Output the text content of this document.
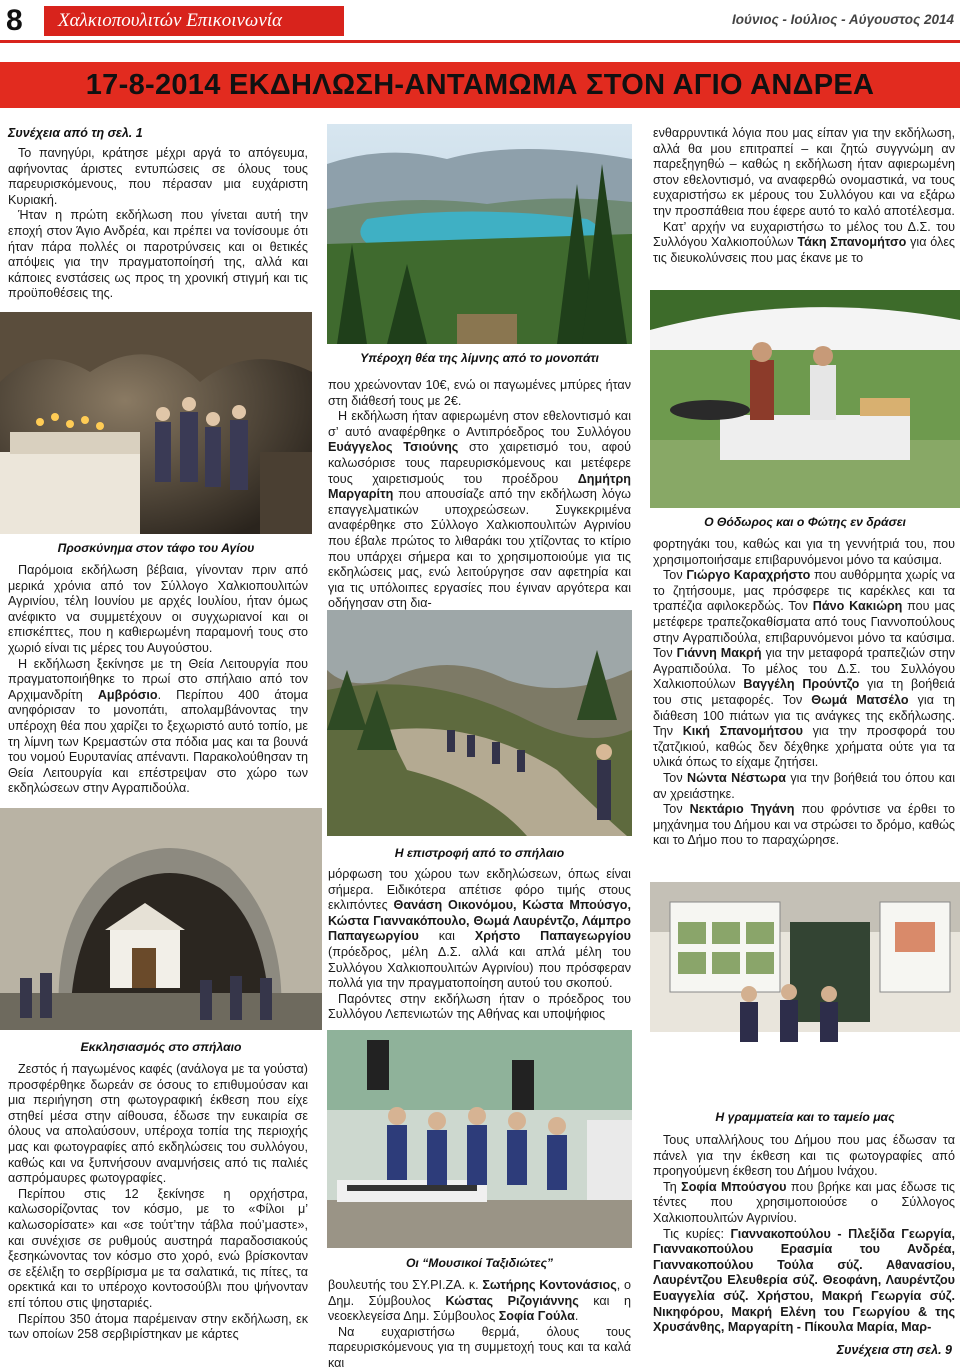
8	Χαλκιοπουλιτών Επικοινωνία	Ιούνιος - Ιούλιος - Αύγουστος 2014
17-8-2014 ΕΚΔΗΛΩΣΗ-ΑΝΤΑΜΩΜΑ ΣΤΟΝ ΑΓΙΟ ΑΝΔΡΕΑ
Συνέχεια από τη σελ. 1

Το πανηγύρι, κράτησε μέχρι αργά το απόγευμα, αφήνοντας άριστες εντυπώσεις σε όλους τους παρευρισκόμενους, που πέρασαν μια ευχάριστη Κυριακή.

Ήταν η πρώτη εκδήλωση που γίνεται αυτή την εποχή στον Άγιο Ανδρέα, και πρέπει να τονίσουμε ότι ήταν πάρα πολλές οι παροτρύνσεις και οι θετικές απόψεις για την πραγματοποίησή της, αλλά και κάποιες ενστάσεις ως προς τη χρονική στιγμή και τις προϋποθέσεις της.

Προσκύνημα στον τάφο του Αγίου

Παρόμοια εκδήλωση βέβαια, γίνονταν πριν από μερικά χρόνια από τον Σύλλογο Χαλκιοπουλιτών Αγρινίου, τέλη Ιουνίου με αρχές Ιουλίου, ήταν όμως ανέφικτο να συμμετέχουν οι συγχωριανοί και οι επισκέπτες, που η καθιερωμένη παραμονή τους στο χωριό είναι τις μέρες του Αυγούστου.

Η εκδήλωση ξεκίνησε με τη Θεία Λειτουργία που πραγματοποιήθηκε το πρωί στο σπήλαιο από τον Αρχιμανδρίτη Αμβρόσιο. Περίπου 400 άτομα ανηφόρισαν το μονοπάτι, απολαμβάνοντας την υπέροχη θέα που χαρίζει το ξεχωριστό αυτό τοπίο, με τη λίμνη των Κρεμαστών στα πόδια μας και τα βουνά του νομού Ευρυτανίας απέναντι. Παρακολούθησαν τη Θεία Λειτουργία και επέστρεψαν στο χώρο των εκδηλώσεων στην Αγραπιδούλα.

Εκκλησιασμός στο σπήλαιο

Ζεστός ή παγωμένος καφές (ανάλογα με τα γούστα) προσφέρθηκε δωρεάν σε όσους το επιθυμούσαν και μια περιήγηση στη φωτογραφική έκθεση που είχε στηθεί μέσα στην αίθουσα, έδωσε την ευκαιρία σε όλους να απολαύσουν, υπέροχα τοπία της περιοχής μας και φωτογραφίες από εκδηλώσεις του συλλόγου, καθώς και να ξυπνήσουν αναμνήσεις από τις παλιές ασπρόμαυρες φωτογραφίες.

Περίπου στις 12 ξεκίνησε η ορχήστρα, καλωσορίζοντας τον κόσμο, με το «Φίλοι μ’ καλωσορίσατε» και «σε τούτ’την τάβλα πού’μαστε», και συνέχισε σε ρυθμούς αυστηρά παραδοσιακούς ξεσηκώνοντας τον κόσμο στο χορό, ενώ βρίσκονταν σε εξέλιξη το σερβίρισμα με τα σαλατικά, τις πίτες, τα ορεκτικά και το υπέροχο κοντοσούβλι που ψήνονταν επί τόπου στις ψησταριές.

Περίπου 350 άτομα παρέμειναν στην εκδήλωση, εκ των οποίων 258 σερβιρίστηκαν με κάρτες

Υπέροχη θέα της λίμνης από το μονοπάτι

που χρεώνονταν 10€, ενώ οι παγωμένες μπύρες ήταν στη διάθεσή τους με 2€.

Η εκδήλωση ήταν αφιερωμένη στον εθελοντισμό και σ’ αυτό αναφέρθηκε ο Αντιπρόεδρος του Συλλόγου Ευάγγελος Τσιούνης στο χαιρετισμό του, αφού καλωσόρισε τους παρευρισκόμενους και μετέφερε τους χαιρετισμούς του προέδρου Δημήτρη Μαργαρίτη που απουσίαζε από την εκδήλωση λόγω επαγγελματικών υποχρεώσεων. Συγκεκριμένα αναφέρθηκε στο Σύλλογο Χαλκιοπουλιτών Αγρινίου που έβαλε πρώτος το λιθαράκι του χτίζοντας το κτίριο που υπάρχει σήμερα και το χρησιμοποιούμε για τις εκδηλώσεις μας, ενώ λειτούργησε σαν αφετηρία και για τις υπόλοιπες εργασίες που έγιναν αργότερα και οδήγησαν στη δια-

Η επιστροφή από το σπήλαιο

μόρφωση του χώρου των εκδηλώσεων, όπως είναι σήμερα. Ειδικότερα απέτισε φόρο τιμής στους εκλιπόντες Θανάση Οικονόμου, Κώστα Μπούσγο, Κώστα Γιαννακόπουλο, Θωμά Λαυρέντζο, Λάμπρο Παπαγεωργίου και Χρήστο Παπαγεωργίου (πρόεδρος, μέλη Δ.Σ. αλλά και απλά μέλη του Συλλόγου Χαλκιοπουλιτών Αγρινίου) που πρόσφεραν πολλά για την πραγματοποίηση αυτού του σκοπού.

Παρόντες στην εκδήλωση ήταν ο πρόεδρος του Συλλόγου Λεπενιωτών της Αθήνας και υποψήφιος

Οι “Μουσικοί Ταξιδιώτες”

βουλευτής του ΣΥ.ΡΙ.ΖΑ. κ. Σωτήρης Κοντονάσιος, ο Δημ. Σύμβουλος Κώστας Ριζογιάννης και η νεοεκλεγείσα Δημ. Σύμβουλος Σοφία Γούλα.

Να ευχαριστήσω θερμά, όλους τους παρευρισκόμενους για τη συμμετοχή τους και τα καλά και

ενθαρρυντικά λόγια που μας είπαν για την εκδήλωση, αλλά θα μου επιτραπεί – και ζητώ συγγνώμη αν παρεξηγηθώ – καθώς η εκδήλωση ήταν αφιερωμένη στον εθελοντισμό, να αναφερθώ ονομαστικά, να τους ευχαριστήσω εκ μέρους του Συλλόγου και να εξάρω την προσπάθεια που έφερε αυτό το καλό αποτέλεσμα.

Κατ’ αρχήν να ευχαριστήσω το μέλος του Δ.Σ. του Συλλόγου Χαλκιοπούλων Τάκη Σπανομήτσο για όλες τις διευκολύνσεις που μας έκανε με το

Ο Θόδωρος και ο Φώτης εν δράσει

φορτηγάκι του, καθώς και για τη γεννήτριά του, που χρησιμοποιήσαμε επιβαρυνόμενοι μόνο τα καύσιμα.

Τον Γιώργο Καραχρήστο που αυθόρμητα χωρίς να το ζητήσουμε, μας πρόσφερε τις καρέκλες και τα τραπέζια αφιλοκερδώς. Τον Πάνο Κακιώρη που μας μετέφερε τραπεζοκαθίσματα από τους Γιαννοπούλους στην Αγραπιδούλα, επιβαρυνόμενοι μόνο τα καύσιμα. Τον Γιάννη Μακρή για την μεταφορά τραπεζιών στην Αγραπιδούλα. Το μέλος του Δ.Σ. του Συλλόγου Χαλκιοπούλων Βαγγέλη Προύντζο για τη βοήθειά του στις μεταφορές. Τον Θωμά Ματσέλο για τη διάθεση 100 πιάτων για τις ανάγκες της εκδήλωσης. Την Κική Σπανομήτσου για την προσφορά του τζατζικιού, καθώς δεν δέχθηκε χρήματα ούτε για τα υλικά όπως το είχαμε ζητήσει.

Τον Νώντα Νέστωρα για την βοήθειά του όπου και αν χρειάστηκε.

Τον Νεκτάριο Τηγάνη που φρόντισε να έρθει το μηχάνημα του Δήμου και να στρώσει το δρόμο, καθώς και το Δήμο που το παραχώρησε.

Η γραμματεία και το ταμείο μας

Τους υπαλλήλους του Δήμου που μας έδωσαν τα πάνελ για την έκθεση και τις φωτογραφίες από προηγούμενη έκθεση του Δήμου Ινάχου.

Τη Σοφία Μπούσγου που βρήκε και μας έδωσε τις τέντες που χρησιμοποιούσε ο Σύλλογος Χαλκιοπουλιτών Αγρινίου.

Τις κυρίες: Γιαννακοπούλου - Πλεξίδα Γεωργία, Γιαννακοπούλου Ερασμία του Ανδρέα, Γιαννακοπούλου Τούλα σύζ. Αθανασίου, Λαυρέντζου Ελευθερία σύζ. Θεοφάνη, Λαυρέντζου Ευαγγελία σύζ. Χρήστου, Μακρή Γεωργία σύζ. Νικηφόρου, Μακρή Ελένη του Γεωργίου & της Χρυσάνθης, Μαργαρίτη - Πίκουλα Μαρία, Μαρ-

Συνέχεια στη σελ. 9
